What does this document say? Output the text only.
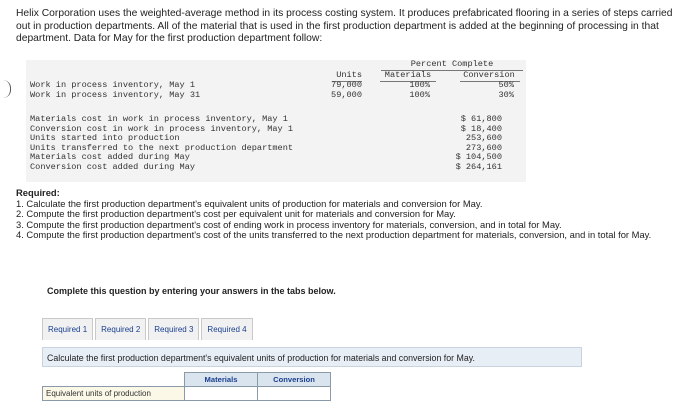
Helix Corporation uses the weighted-average method in its process costing system. It produces prefabricated flooring in a series of steps carried out in production departments. All of the material that is used in the first production department is added at the beginning of processing in that department. Data for May for the first production department follow:
Percent Complete
Units	Materials	Conversion
Work in process inventory, May 1	79,000	100%	50%
Work in process inventory, May 31	59,000	100%	30%
Materials cost in work in process inventory, May 1	$ 61,800
Conversion cost in work in process inventory, May 1	$ 18,400
Units started into production	253,600
Units transferred to the next production department	273,600
Materials cost added during May	$ 104,500
Conversion cost added during May	$ 264,161
Required:
1. Calculate the first production department's equivalent units of production for materials and conversion for May.
2. Compute the first production department's cost per equivalent unit for materials and conversion for May.
3. Compute the first production department's cost of ending work in process inventory for materials, conversion, and in total for May.
4. Compute the first production department's cost of the units transferred to the next production department for materials, conversion, and in total for May.
Complete this question by entering your answers in the tabs below.
Required 1	Required 2	Required 3	Required 4
Calculate the first production department's equivalent units of production for materials and conversion for May.
	Materials	Conversion
Equivalent units of production		
